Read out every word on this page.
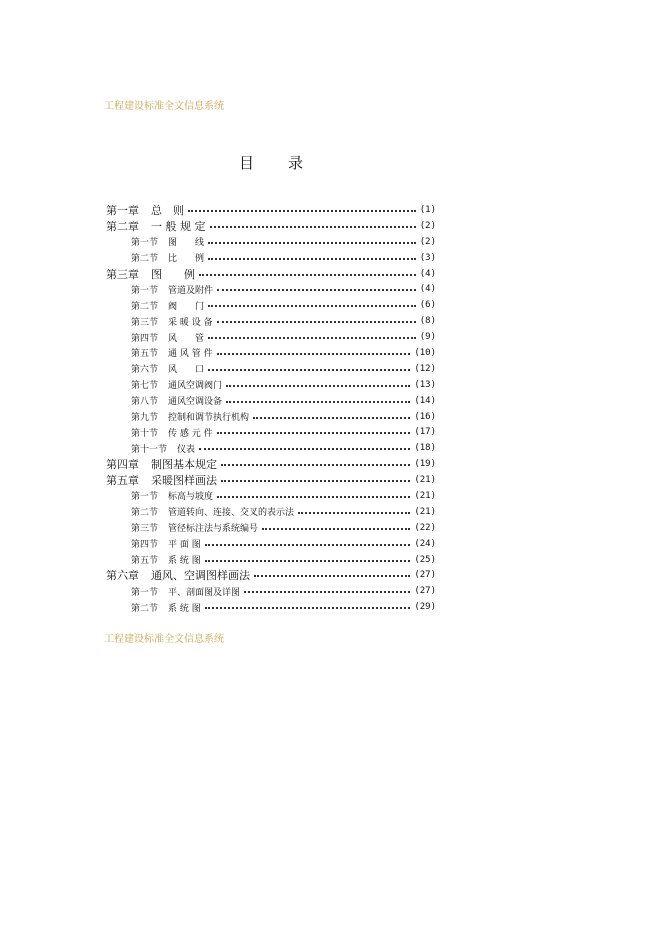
工程建设标准全文信息系统
目 录
第一章 总　则	(1)
第二章 一 般 规 定	(2)
第一节 图　　线	(2)
第二节 比　　例	(3)
第三章 图　　例	(4)
第一节 管道及附件	(4)
第二节 阀　　门	(6)
第三节 采 暖 设 备	(8)
第四节 风　　管	(9)
第五节 通 风 管 件	(10)
第六节 风　　口	(12)
第七节 通风空调阀门	(13)
第八节 通风空调设备	(14)
第九节 控制和调节执行机构	(16)
第十节 传 感 元 件	(17)
第十一节 仪表	(18)
第四章 制图基本规定	(19)
第五章 采暖图样画法	(21)
第一节 标高与坡度	(21)
第二节 管道转向、连接、交叉的表示法	(21)
第三节 管径标注法与系统编号	(22)
第四节 平 面 图	(24)
第五节 系 统 图	(25)
第六章 通风、空调图样画法	(27)
第一节 平、剖面图及详图	(27)
第二节 系 统 图	(29)
工程建设标准全文信息系统
